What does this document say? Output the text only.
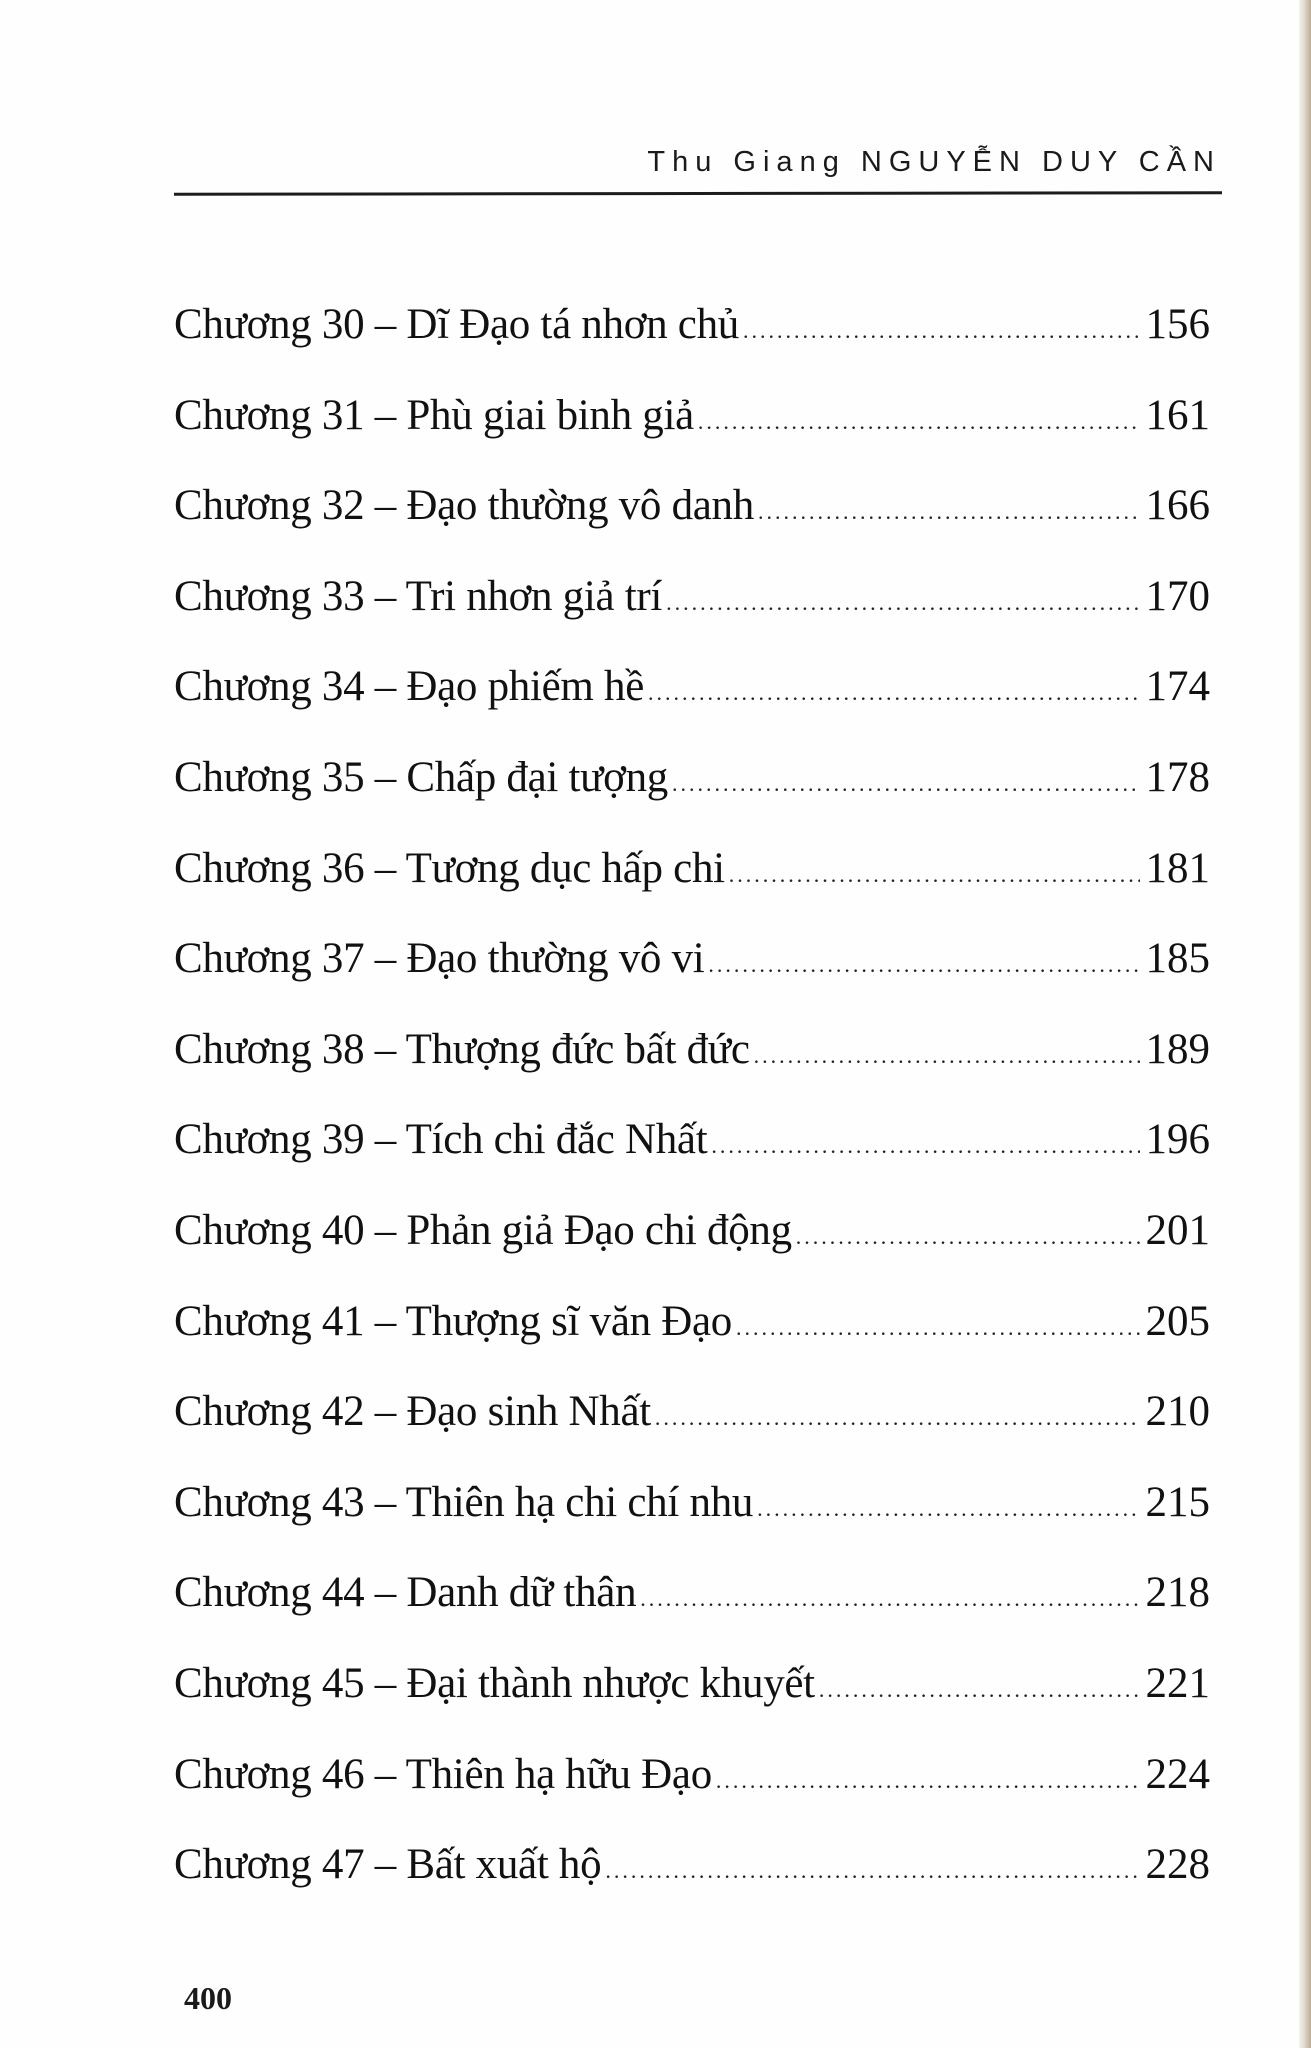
Thu Giang NGUYỄN DUY CẦN
Chương 30 – Dĩ Đạo tá nhơn chủ .....	156
Chương 31 – Phù giai binh giả .....	161
Chương 32 – Đạo thường vô danh .....	166
Chương 33 – Tri nhơn giả trí .....	170
Chương 34 – Đạo phiếm hề .....	174
Chương 35 – Chấp đại tượng .....	178
Chương 36 – Tương dục hấp chi .....	181
Chương 37 – Đạo thường vô vi .....	185
Chương 38 – Thượng đức bất đức .....	189
Chương 39 – Tích chi đắc Nhất .....	196
Chương 40 – Phản giả Đạo chi động .....	201
Chương 41 – Thượng sĩ văn Đạo .....	205
Chương 42 – Đạo sinh Nhất .....	210
Chương 43 – Thiên hạ chi chí nhu .....	215
Chương 44 – Danh dữ thân .....	218
Chương 45 – Đại thành nhược khuyết .....	221
Chương 46 – Thiên hạ hữu Đạo .....	224
Chương 47 – Bất xuất hộ .....	228
400
